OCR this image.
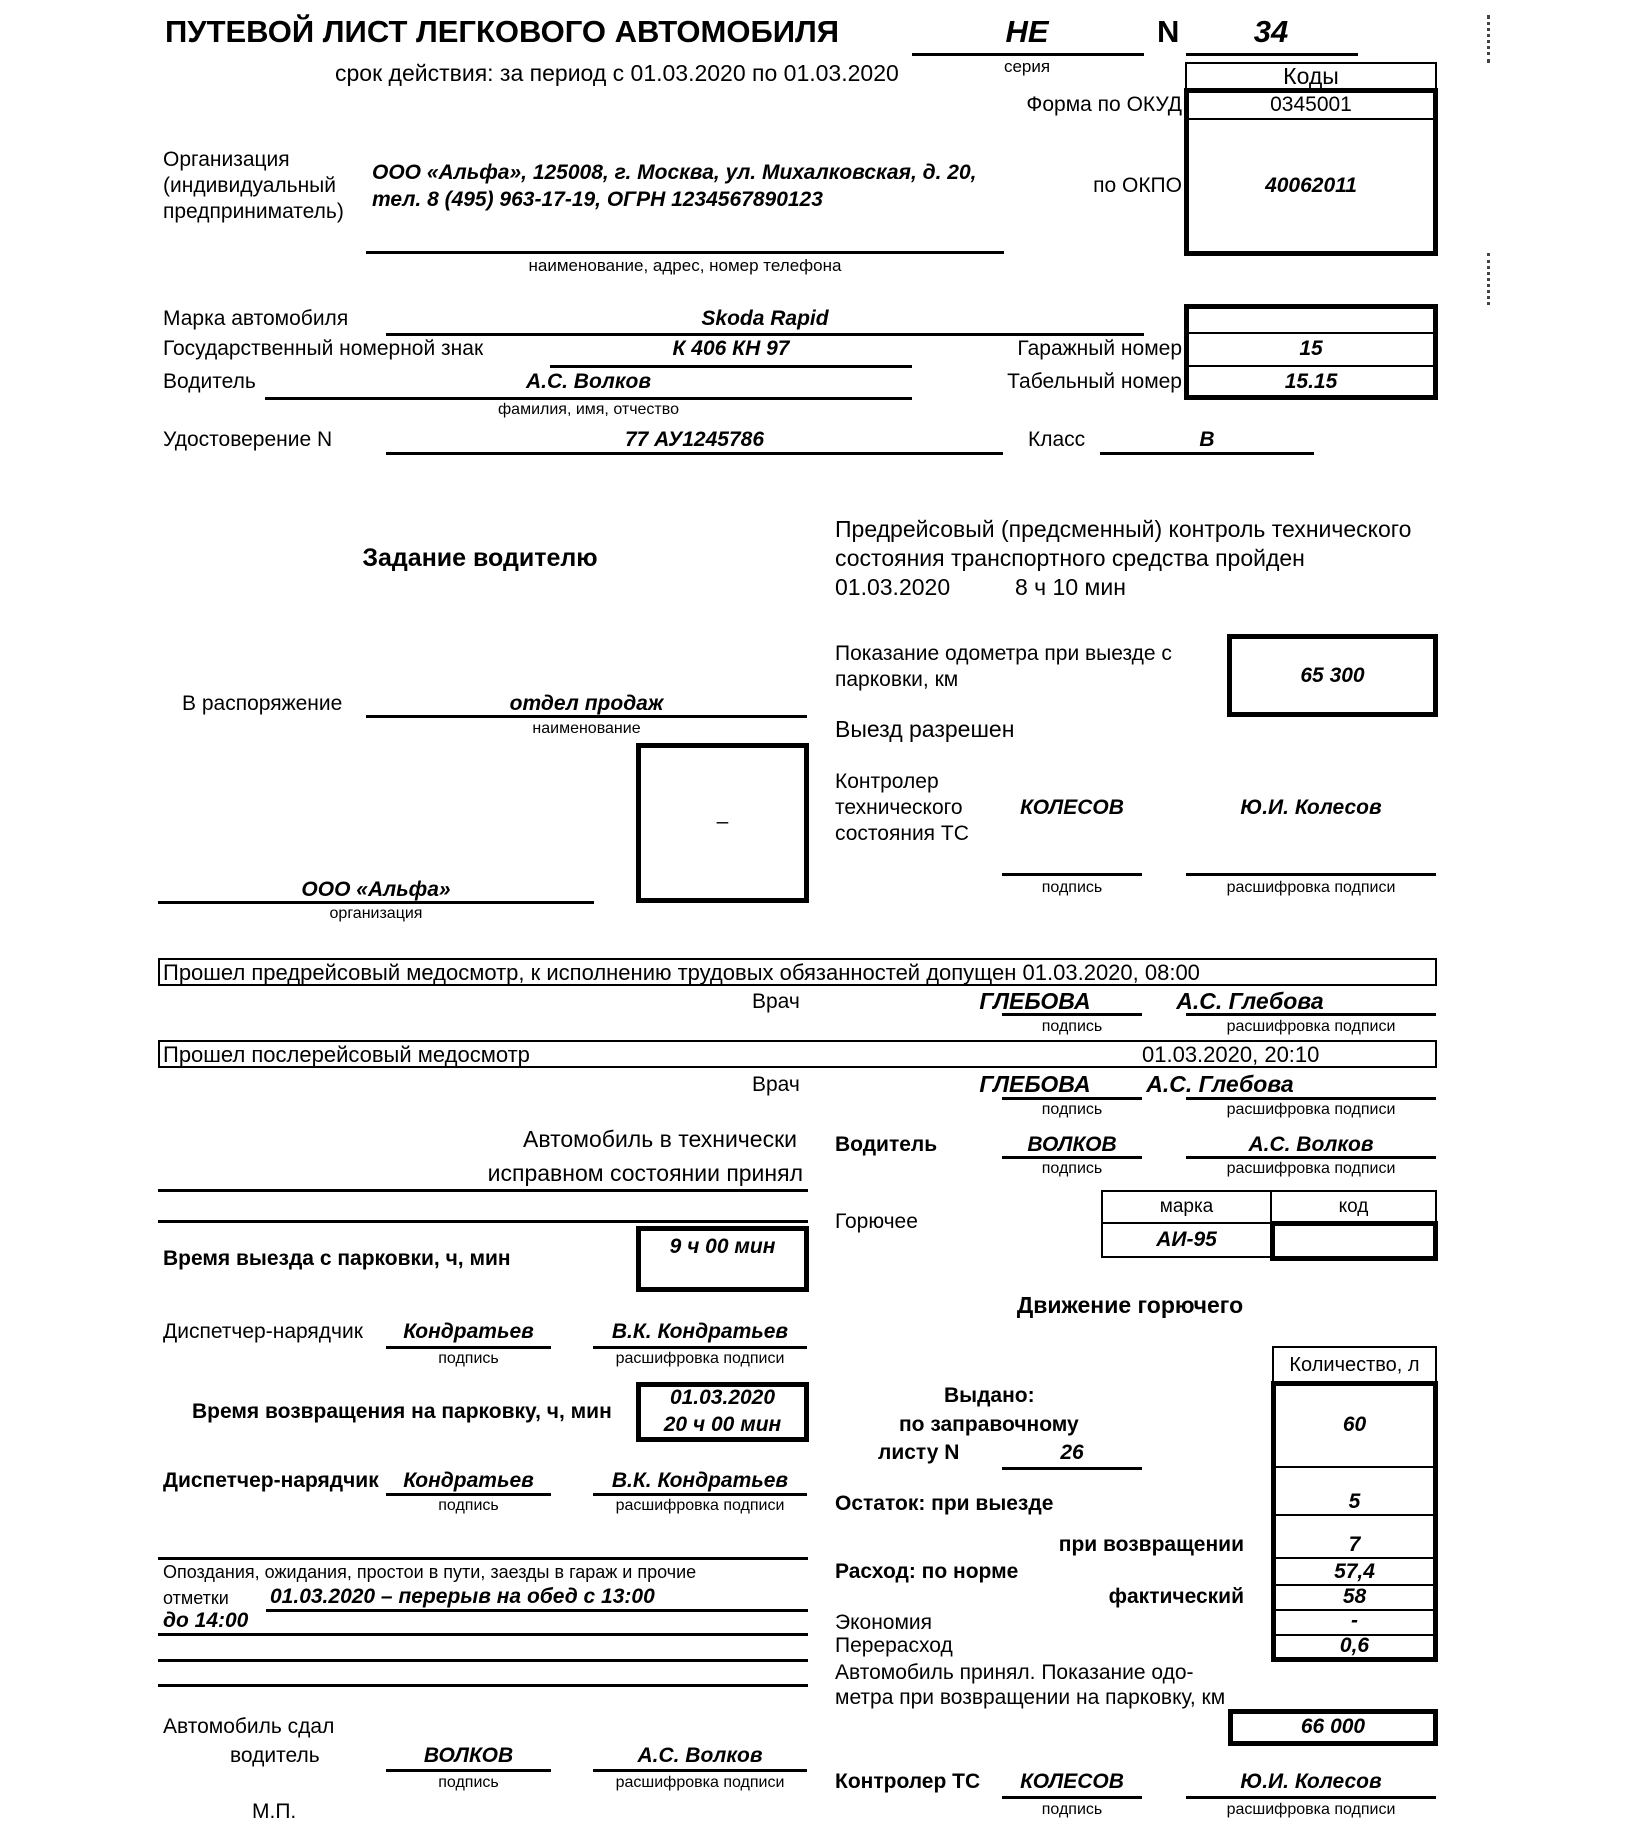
ПУТЕВОЙ ЛИСТ ЛЕГКОВОГО АВТОМОБИЛЯ	НЕ
серия
N	34
срок действия: за период с 01.03.2020 по 01.03.2020	Коды
Форма по ОКУД	0345001
по ОКПО	40062011
Организация
(индивидуальный
предприниматель)
ООО «Альфа», 125008, г. Москва, ул. Михалковская, д. 20,
тел. 8 (495) 963-17-19, ОГРН 1234567890123
наименование, адрес, номер телефона
Марка автомобиля	Skoda Rapid
Государственный номерной знак	К 406 КН 97
Водитель	А.С. Волков
фамилия, имя, отчество
Удостоверение N	77 АУ1245786	Класс	В
Гаражный номер	15
Табельный номер	15.15
Задание водителю
В распоряжение	отдел продаж
наименование
–
ООО «Альфа»
организация
Предрейсовый (предсменный) контроль технического
состояния транспортного средства пройден
01.03.2020	8 ч 10 мин
Показание одометра при выезде с
парковки, км	65 300
Выезд разрешен
Контролер
технического
состояния ТС
КОЛЕСОВ	Ю.И. Колесов
подпись	расшифровка подписи
Прошел предрейсовый медосмотр, к исполнению трудовых обязанностей допущен 01.03.2020, 08:00
Врач	ГЛЕБОВА	А.С. Глебова
подпись	расшифровка подписи
Прошел послерейсовый медосмотр	01.03.2020, 20:10
Врач	ГЛЕБОВА	А.С. Глебова
подпись	расшифровка подписи
Автомобиль в технически
исправном состоянии принял
Водитель	ВОЛКОВ	А.С. Волков
подпись	расшифровка подписи
Горючее
марка	код
АИ-95
Движение горючего
Количество, л
Выдано:
по заправочному
листу N	26
60
Остаток: при выезде	5
при возвращении	7
Расход: по норме	57,4
фактический	58
Экономия	-
Перерасход	0,6
Автомобиль принял. Показание одо-
метра при возвращении на парковку, км
66 000
Время выезда с парковки, ч, мин
9 ч 00 мин
Диспетчер-нарядчик	Кондратьев	В.К. Кондратьев
подпись	расшифровка подписи
Время возвращения на парковку, ч, мин
01.03.2020
20 ч 00 мин
Диспетчер-нарядчик	Кондратьев	В.К. Кондратьев
подпись	расшифровка подписи
Опоздания, ожидания, простои в пути, заезды в гараж и прочие
отметки 01.03.2020 – перерыв на обед с 13:00
до 14:00
Автомобиль сдал
водитель	ВОЛКОВ	А.С. Волков
подпись	расшифровка подписи
М.П.
Контролер ТС	КОЛЕСОВ	Ю.И. Колесов
подпись	расшифровка подписи
